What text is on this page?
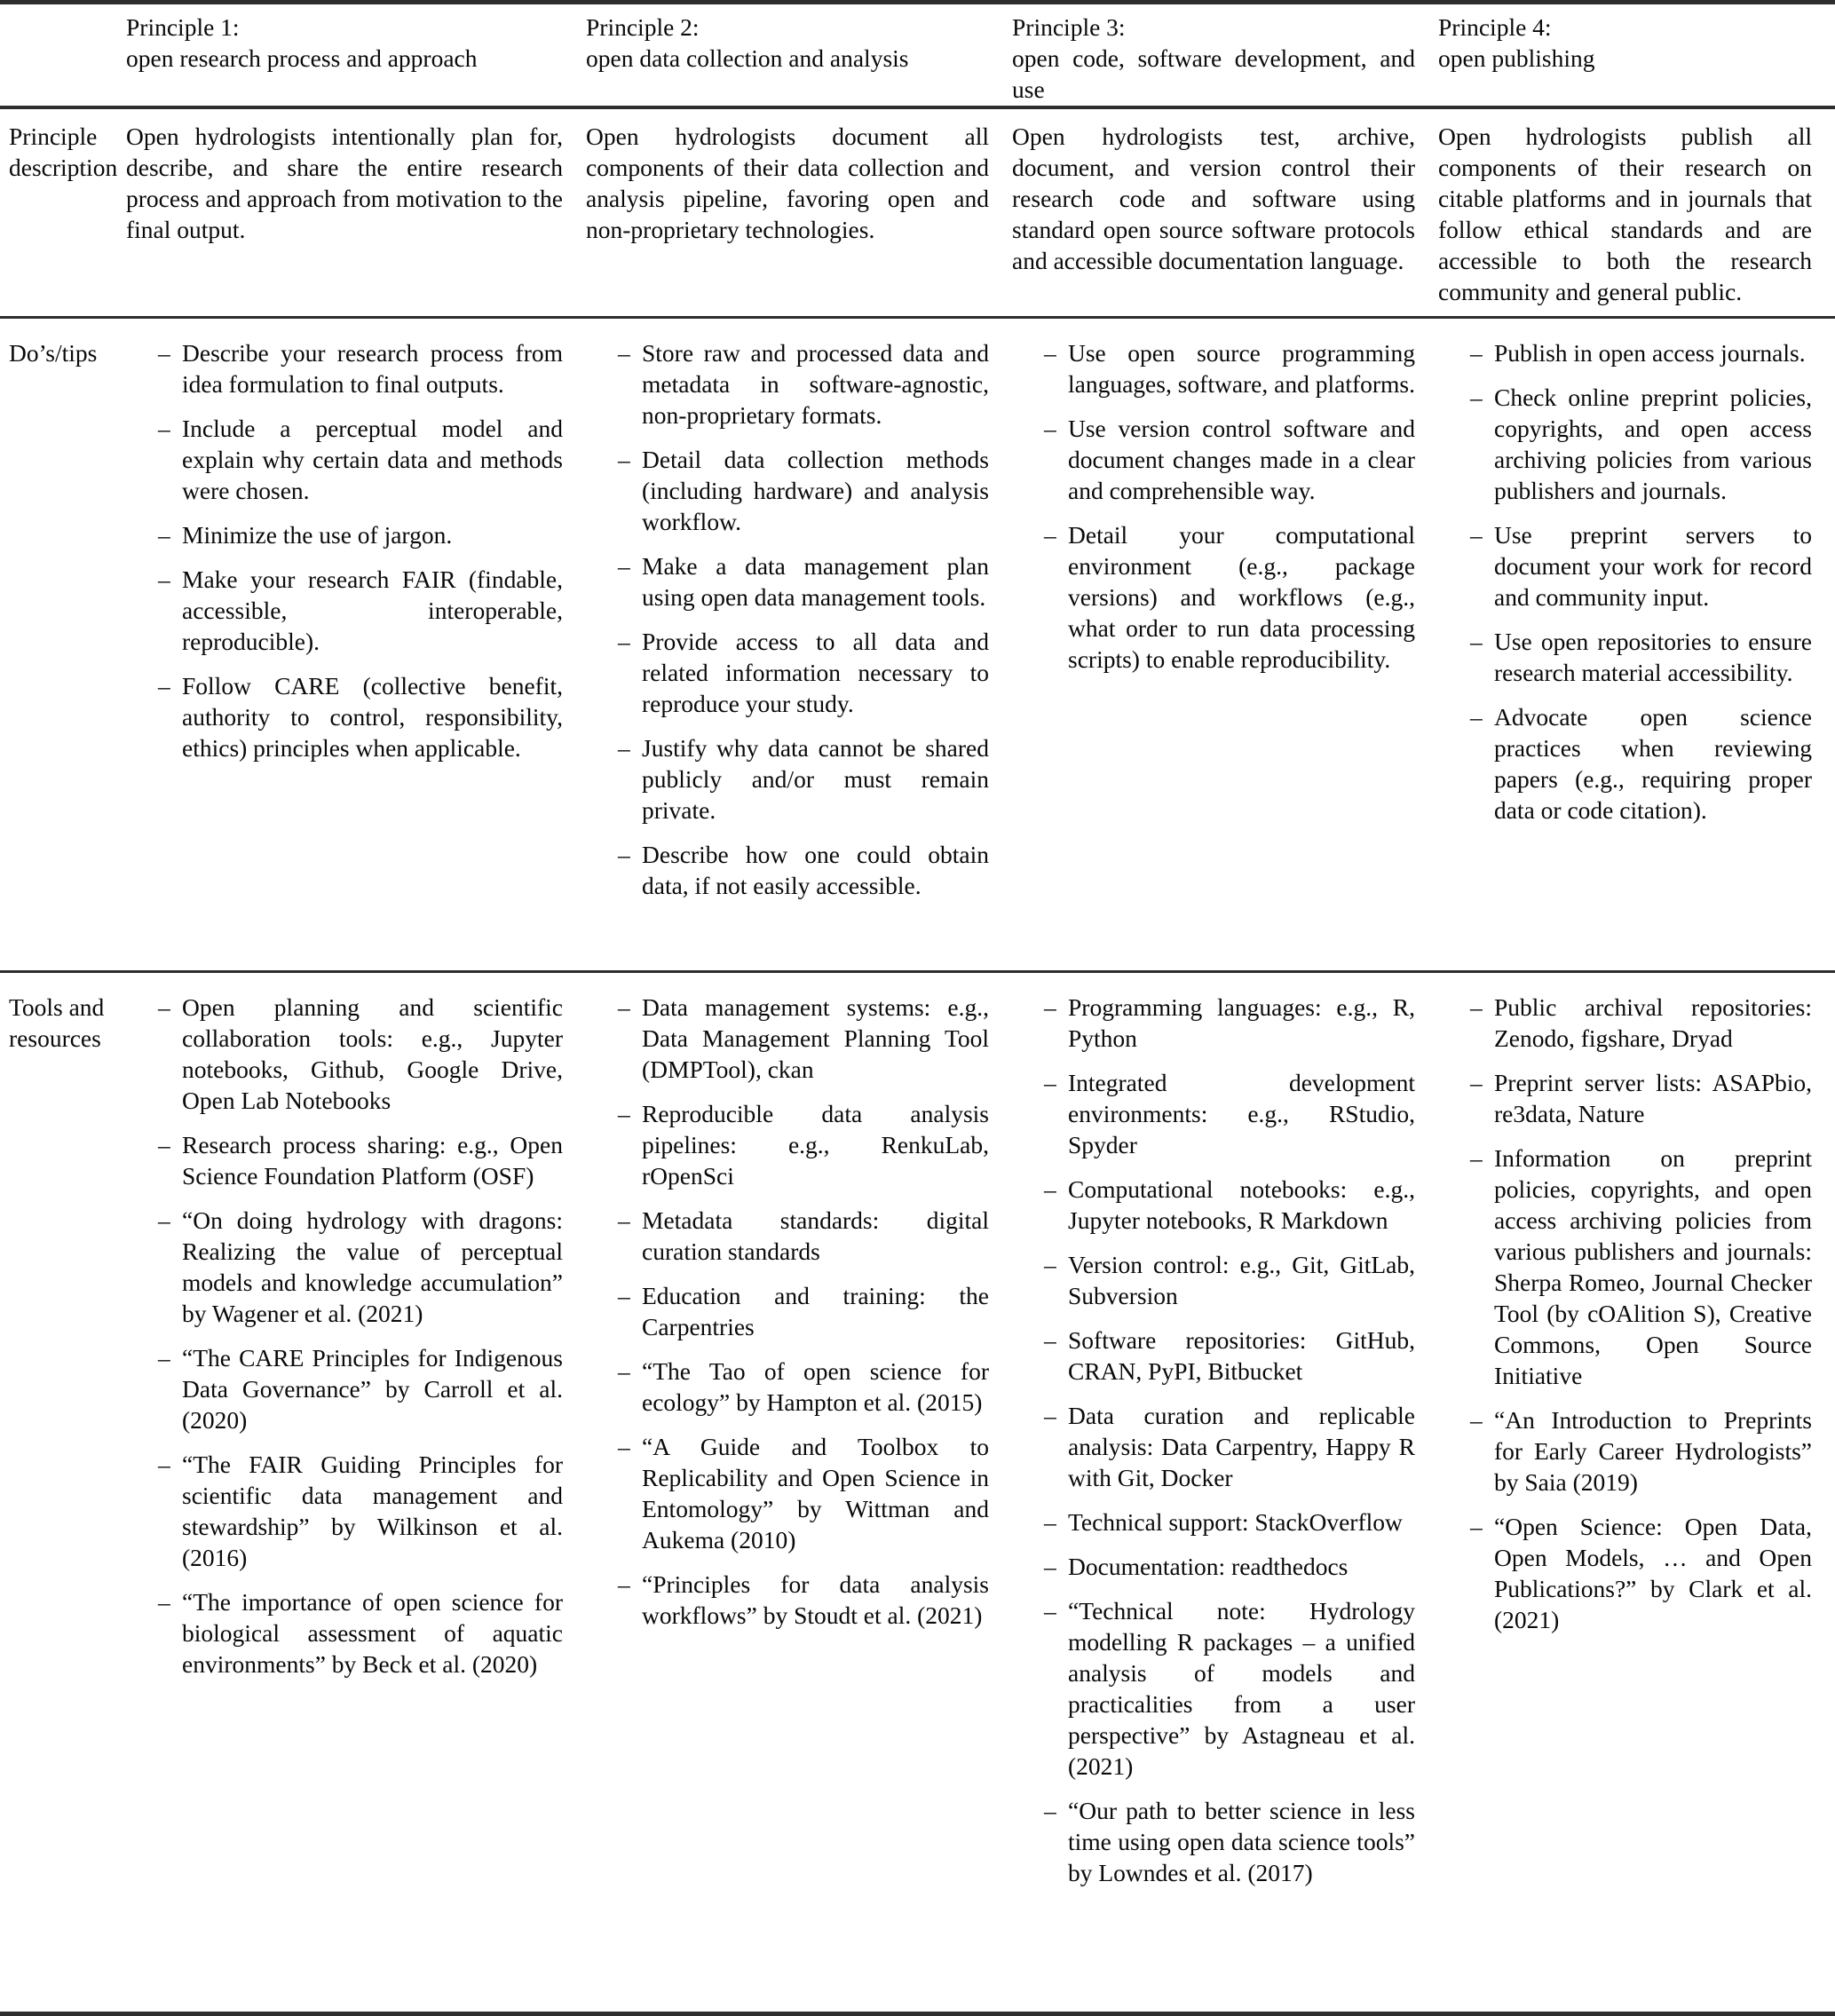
Principle 1:
open research process and approach
Principle 2:
open data collection and analysis
Principle 3:
open code, software development, and use
Principle 4:
open publishing
Principle description
Open hydrologists intentionally plan for, describe, and share the entire research process and approach from motivation to the final output.
Open hydrologists document all components of their data collection and analysis pipeline, favoring open and non-proprietary technologies.
Open hydrologists test, archive, document, and version control their research code and software using standard open source software protocols and accessible documentation language.
Open hydrologists publish all components of their research on citable platforms and in journals that follow ethical standards and are accessible to both the research community and general public.
Do’s/tips	– Describe your research process from idea formulation to final outputs.
– Include a perceptual model and explain why certain data and methods were chosen.
– Minimize the use of jargon.
– Make your research FAIR (findable, accessible, interoperable, reproducible).
– Follow CARE (collective benefit, authority to control, responsibility, ethics) principles when applicable.
– Store raw and processed data and metadata in software-agnostic, non-proprietary formats.
– Detail data collection methods (including hardware) and analysis workflow.
– Make a data management plan using open data management tools.
– Provide access to all data and related information necessary to reproduce your study.
– Justify why data cannot be shared publicly and/or must remain private.
– Describe how one could obtain data, if not easily accessible.
– Use open source programming languages, software, and platforms.
– Use version control software and document changes made in a clear and comprehensible way.
– Detail your computational environment (e.g., package versions) and workflows (e.g., what order to run data processing scripts) to enable reproducibility.
– Publish in open access journals.
– Check online preprint policies, copyrights, and open access archiving policies from various publishers and journals.
– Use preprint servers to document your work for record and community input.
– Use open repositories to ensure research material accessibility.
– Advocate open science practices when reviewing papers (e.g., requiring proper data or code citation).
Tools and resources
– Open planning and scientific collaboration tools: e.g., Jupyter notebooks, Github, Google Drive, Open Lab Notebooks
– Research process sharing: e.g., Open Science Foundation Platform (OSF)
– “On doing hydrology with dragons: Realizing the value of perceptual models and knowledge accumulation” by Wagener et al. (2021)
– “The CARE Principles for Indigenous Data Governance” by Carroll et al. (2020)
– “The FAIR Guiding Principles for scientific data management and stewardship” by Wilkinson et al. (2016)
– “The importance of open science for biological assessment of aquatic environments” by Beck et al. (2020)
– Data management systems: e.g., Data Management Planning Tool (DMPTool), ckan
– Reproducible data analysis pipelines: e.g., RenkuLab, rOpenSci
– Metadata standards: digital curation standards
– Education and training: the Carpentries
– “The Tao of open science for ecology” by Hampton et al. (2015)
– “A Guide and Toolbox to Replicability and Open Science in Entomology” by Wittman and Aukema (2010)
– “Principles for data analysis workflows” by Stoudt et al. (2021)
– Programming languages: e.g., R, Python
– Integrated development environments: e.g., RStudio, Spyder
– Computational notebooks: e.g., Jupyter notebooks, R Markdown
– Version control: e.g., Git, GitLab, Subversion
– Software repositories: GitHub, CRAN, PyPI, Bitbucket
– Data curation and replicable analysis: Data Carpentry, Happy R with Git, Docker
– Technical support: StackOverflow
– Documentation: readthedocs
– “Technical note: Hydrology modelling R packages – a unified analysis of models and practicalities from a user perspective” by Astagneau et al. (2021)
– “Our path to better science in less time using open data science tools” by Lowndes et al. (2017)
– Public archival repositories: Zenodo, figshare, Dryad
– Preprint server lists: ASAPbio, re3data, Nature
– Information on preprint policies, copyrights, and open access archiving policies from various publishers and journals: Sherpa Romeo, Journal Checker Tool (by cOAlition S), Creative Commons, Open Source Initiative
– “An Introduction to Preprints for Early Career Hydrologists” by Saia (2019)
– “Open Science: Open Data, Open Models, … and Open Publications?” by Clark et al. (2021)
